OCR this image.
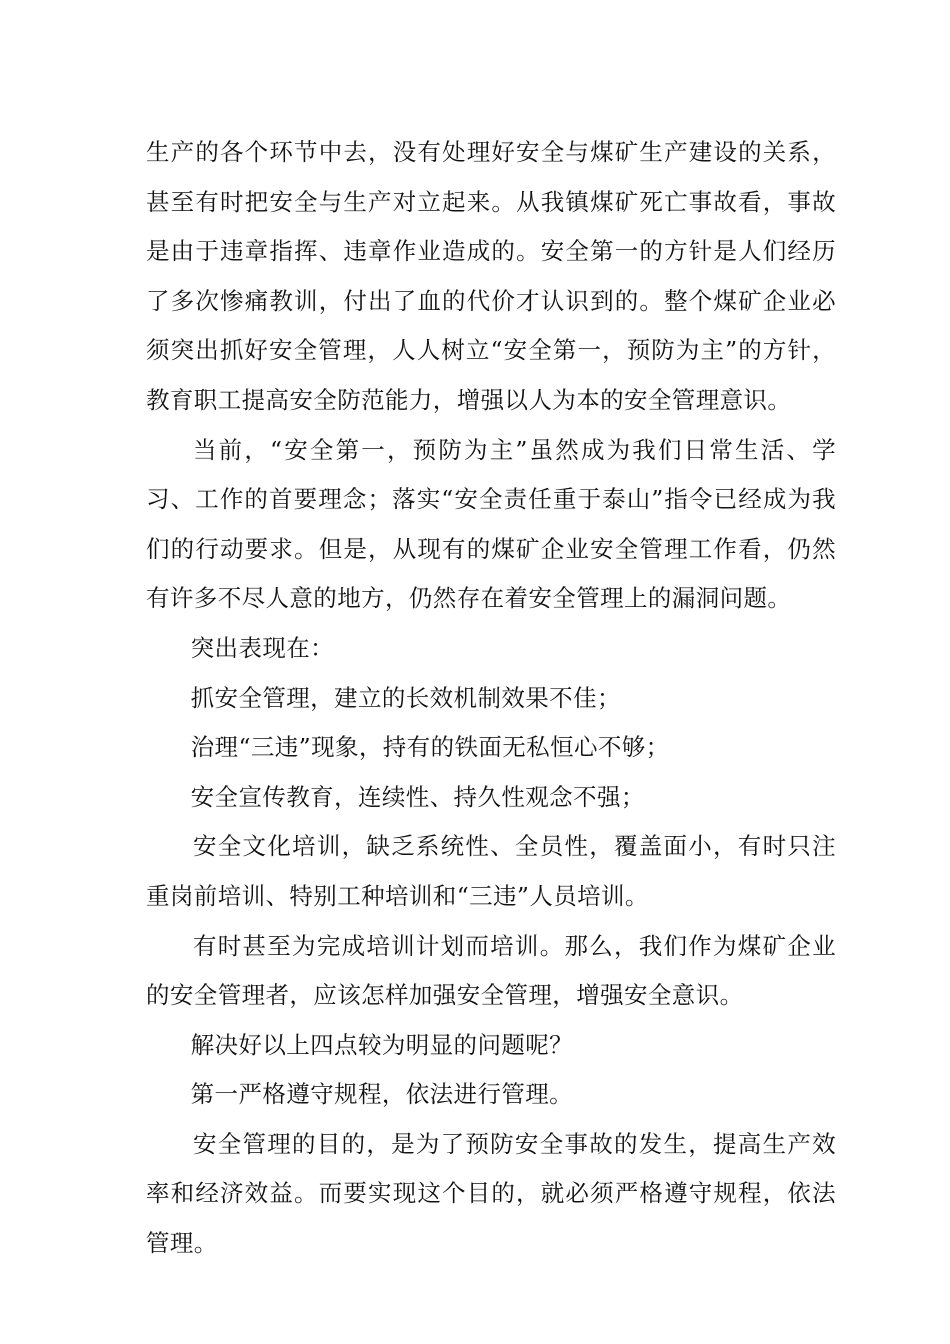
生产的各个环节中去，没有处理好安全与煤矿生产建设的关系，甚至有时把安全与生产对立起来。从我镇煤矿死亡事故看，事故是由于违章指挥、违章作业造成的。安全第一的方针是人们经历了多次惨痛教训，付出了血的代价才认识到的。整个煤矿企业必须突出抓好安全管理，人人树立“安全第一，预防为主”的方针，教育职工提高安全防范能力，增强以人为本的安全管理意识。

当前，“安全第一，预防为主”虽然成为我们日常生活、学习、工作的首要理念；落实“安全责任重于泰山”指令已经成为我们的行动要求。但是，从现有的煤矿企业安全管理工作看，仍然有许多不尽人意的地方，仍然存在着安全管理上的漏洞问题。

突出表现在：

抓安全管理，建立的长效机制效果不佳；

治理“三违”现象，持有的铁面无私恒心不够；

安全宣传教育，连续性、持久性观念不强；

安全文化培训，缺乏系统性、全员性，覆盖面小，有时只注重岗前培训、特别工种培训和“三违”人员培训。

有时甚至为完成培训计划而培训。那么，我们作为煤矿企业的安全管理者，应该怎样加强安全管理，增强安全意识。

解决好以上四点较为明显的问题呢？

第一严格遵守规程，依法进行管理。

安全管理的目的，是为了预防安全事故的发生，提高生产效率和经济效益。而要实现这个目的，就必须严格遵守规程，依法管理。
